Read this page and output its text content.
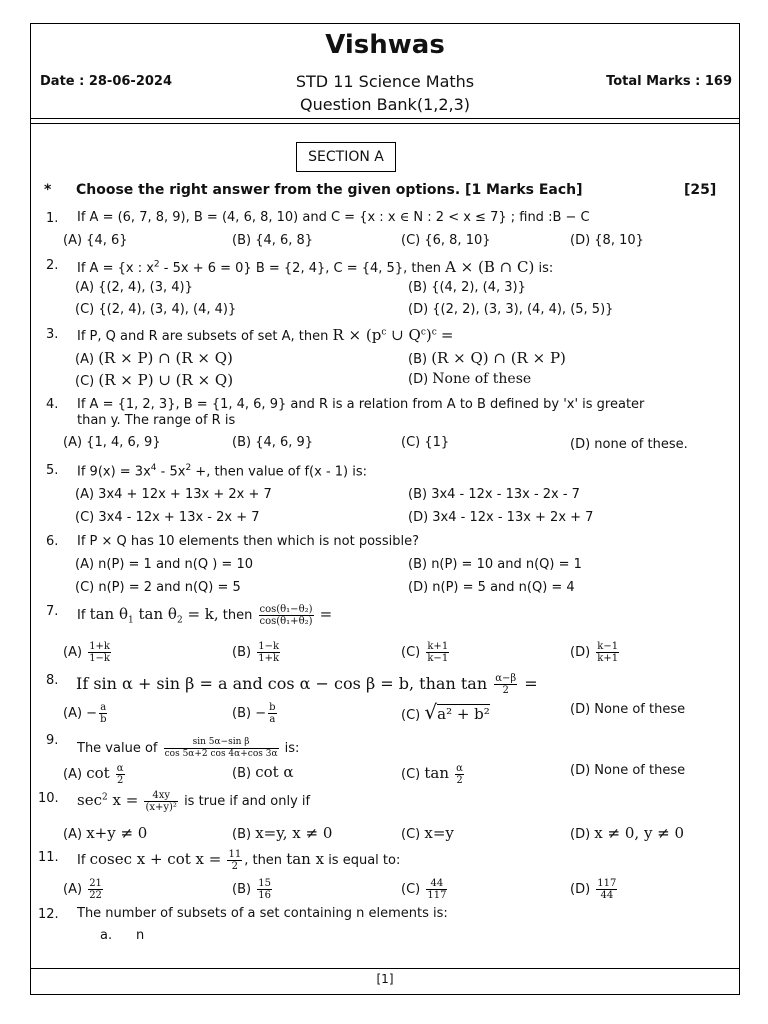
Vishwas
Date : 28-06-2024	STD 11 Science Maths	Total Marks : 169
Question Bank(1,2,3)
SECTION A
* Choose the right answer from the given options. [1 Marks Each]	[25]
1. If A = (6, 7, 8, 9), B = (4, 6, 8, 10) and C = {x : x ∈ N : 2 < x ≤ 7} ; find :B − C
(A) {4, 6}	(B) {4, 6, 8}	(C) {6, 8, 10}	(D) {8, 10}
2. If A = {x : $x^2 - 5x + 6 = 0$} B = {2, 4}, C = {4, 5}, then A × (B ∩ C) is:
(A) {(2, 4), (3, 4)}	(B) {(4, 2), (4, 3)}
(C) {(2, 4), (3, 4), (4, 4)}	(D) {(2, 2), (3, 3), (4, 4), (5, 5)}
3. If P, Q and R are subsets of set A, then $R \times (p^c$ ∪ $Q^c)^c$ =
(A) (R × P) ∩ (R × Q)	(B) (R × Q) ∩ (R × P)
(C) (R × P) ∪ (R × Q)	(D) None of these
4. If A = {1, 2, 3}, B = {1, 4, 6, 9} and R is a relation from A to B defined by 'x' is greater
than y. The range of R is
(A) {1, 4, 6, 9}	(B) {4, 6, 9}	(C) {1}	(D) none of these.
5. If $9(x) = 3x^4 - 5x^2$ +, then value of f(x - 1) is:
(A) 3x4 + 12x + 13x + 2x + 7	(B) 3x4 - 12x - 13x - 2x - 7
(C) 3x4 - 12x + 13x - 2x + 7	(D) 3x4 - 12x - 13x + 2x + 7
6. If P × Q has 10 elements then which is not possible?
(A) n(P) = 1 and n(Q ) = 10	(B) n(P) = 10 and n(Q) = 1
(C) n(P) = 2 and n(Q) = 5	(D) n(P) = 5 and n(Q) = 4
7. If $\tan \theta_1$ $\tan \theta_2 = k$, then $\frac{\text{cos(θ₁−θ₂)}}{\text{cos(θ₁+θ₂)}}$ =
$(A) \frac{1+k}{1-k}$	$(B) \frac{1-k}{1+k}$	$(C) \frac{k+1}{k-1}$	$(D) \frac{k-1}{k+1}$
8. If sin α + sin β = a and cos α − cos β = b, than $\tan \frac{\alpha-\beta}{2}$ =
$(A) - \frac{a}{b}$	$(B) - \frac{b}{a}$	(C) √a² + b²	(D) None of these
9.
The value of $\frac{\text{sin 5α−sin β}}{\cos 5\alpha+2 \cos 4\alpha+\cos 3\alpha}$ is:
(A) $\cot \frac{\alpha}{2}$	(B) cot α	(C) $\tan \frac{\alpha}{2}$	(D) None of these
10. $\sec^2 x = \frac{4xy}{\text{(x+y)²}}$ is true if and only if
(A) x+y ≠ 0	(B) x=y, x ≠ 0	(C) x=y	(D) x ≠ 0, y ≠ 0
11. If cosec $x + \cot x = \frac{11}{2}$ , then tan x is equal to:
$(A) \frac{21}{22}$	$(B) \frac{15}{16}$	$(C) \frac{44}{117}$	$(D) \frac{117}{44}$
12. The number of subsets of a set containing n elements is:
a. n
[1]
